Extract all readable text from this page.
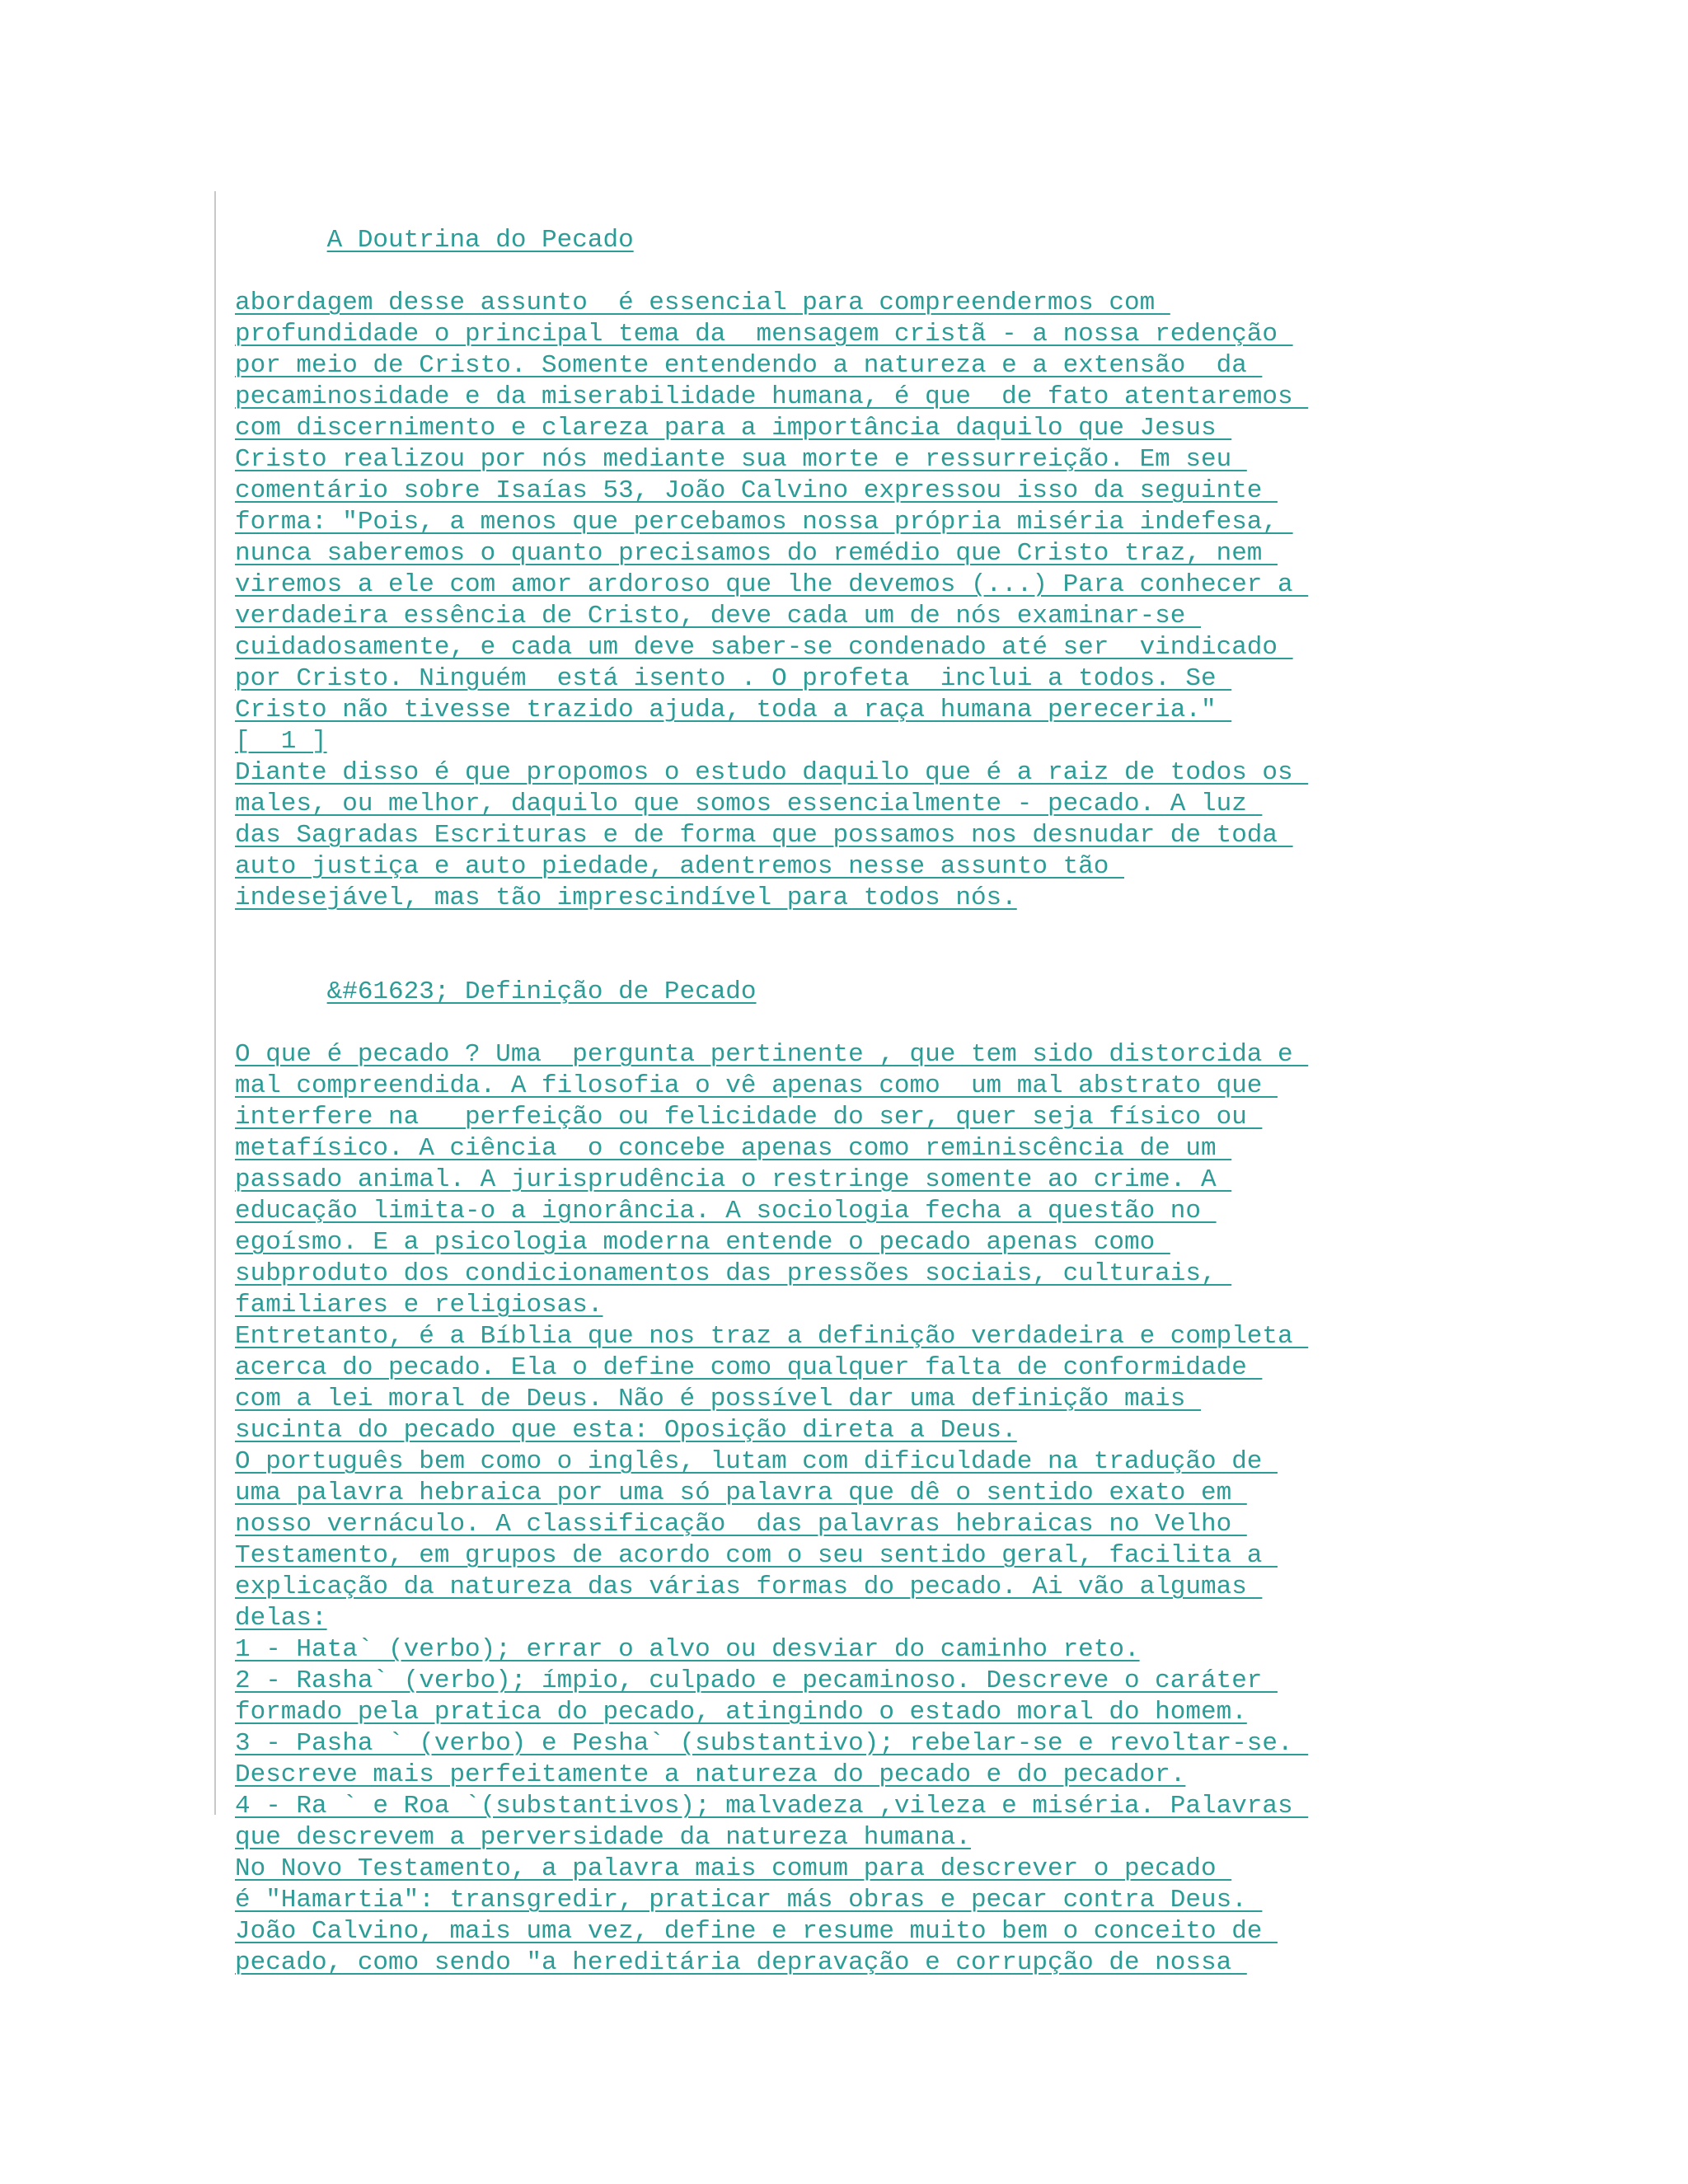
A Doutrina do Pecado

abordagem desse assunto  é essencial para compreendermos com
profundidade o principal tema da  mensagem cristã - a nossa redenção
por meio de Cristo. Somente entendendo a natureza e a extensão  da
pecaminosidade e da miserabilidade humana, é que  de fato atentaremos
com discernimento e clareza para a importância daquilo que Jesus
Cristo realizou por nós mediante sua morte e ressurreição. Em seu
comentário sobre Isaías 53, João Calvino expressou isso da seguinte
forma: "Pois, a menos que percebamos nossa própria miséria indefesa,
nunca saberemos o quanto precisamos do remédio que Cristo traz, nem
viremos a ele com amor ardoroso que lhe devemos (...) Para conhecer a
verdadeira essência de Cristo, deve cada um de nós examinar-se
cuidadosamente, e cada um deve saber-se condenado até ser  vindicado
por Cristo. Ninguém  está isento . O profeta  inclui a todos. Se
Cristo não tivesse trazido ajuda, toda a raça humana pereceria."
[  1 ]
Diante disso é que propomos o estudo daquilo que é a raiz de todos os
males, ou melhor, daquilo que somos essencialmente - pecado. A luz
das Sagradas Escrituras e de forma que possamos nos desnudar de toda
auto justiça e auto piedade, adentremos nesse assunto tão
indesejável, mas tão imprescindível para todos nós.

&#61623; Definição de Pecado

O que é pecado ? Uma  pergunta pertinente , que tem sido distorcida e
mal compreendida. A filosofia o vê apenas como  um mal abstrato que
interfere na   perfeição ou felicidade do ser, quer seja físico ou
metafísico. A ciência  o concebe apenas como reminiscência de um
passado animal. A jurisprudência o restringe somente ao crime. A
educação limita-o a ignorância. A sociologia fecha a questão no
egoísmo. E a psicologia moderna entende o pecado apenas como
subproduto dos condicionamentos das pressões sociais, culturais,
familiares e religiosas.
Entretanto, é a Bíblia que nos traz a definição verdadeira e completa
acerca do pecado. Ela o define como qualquer falta de conformidade
com a lei moral de Deus. Não é possível dar uma definição mais
sucinta do pecado que esta: Oposição direta a Deus.
O português bem como o inglês, lutam com dificuldade na tradução de
uma palavra hebraica por uma só palavra que dê o sentido exato em
nosso vernáculo. A classificação  das palavras hebraicas no Velho
Testamento, em grupos de acordo com o seu sentido geral, facilita a
explicação da natureza das várias formas do pecado. Ai vão algumas
delas:
1 - Hata` (verbo); errar o alvo ou desviar do caminho reto.
2 - Rasha` (verbo); ímpio, culpado e pecaminoso. Descreve o caráter
formado pela pratica do pecado, atingindo o estado moral do homem.
3 - Pasha ` (verbo) e Pesha` (substantivo); rebelar-se e revoltar-se.
Descreve mais perfeitamente a natureza do pecado e do pecador.
4 - Ra ` e Roa `(substantivos); malvadeza ,vileza e miséria. Palavras
que descrevem a perversidade da natureza humana.
No Novo Testamento, a palavra mais comum para descrever o pecado
é "Hamartia": transgredir, praticar más obras e pecar contra Deus.
João Calvino, mais uma vez, define e resume muito bem o conceito de
pecado, como sendo "a hereditária depravação e corrupção de nossa
